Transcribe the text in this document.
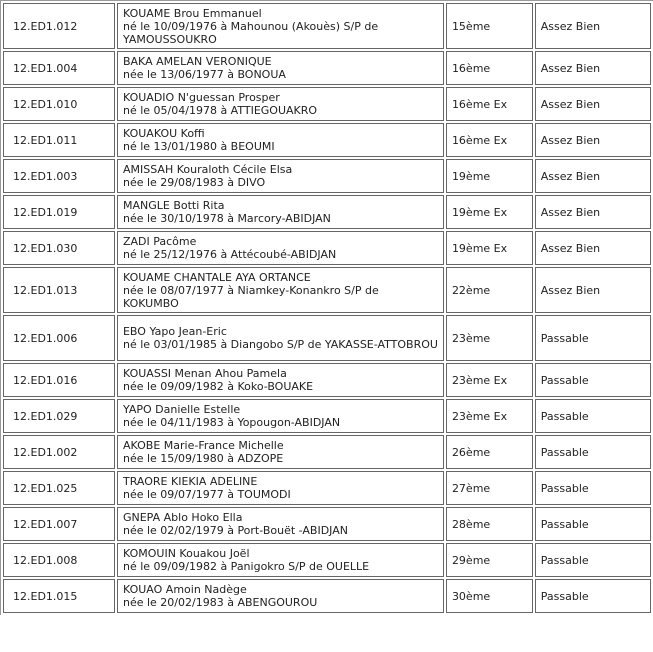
12.ED1.012	KOUAME Brou Emmanuel
né le 10/09/1976 à Mahounou (Akouès) S/P de YAMOUSSOUKRO	15ème	Assez Bien
12.ED1.004	BAKA AMELAN VERONIQUE
née le 13/06/1977 à BONOUA	16ème	Assez Bien
12.ED1.010	KOUADIO N'guessan Prosper
né le 05/04/1978 à ATTIEGOUAKRO	16ème Ex	Assez Bien
12.ED1.011	KOUAKOU Koffi
né le 13/01/1980 à BEOUMI	16ème Ex	Assez Bien
12.ED1.003	AMISSAH Kouraloth Cécile Elsa
née le 29/08/1983 à DIVO	19ème	Assez Bien
12.ED1.019	MANGLE Botti Rita
née le 30/10/1978 à Marcory-ABIDJAN	19ème Ex	Assez Bien
12.ED1.030	ZADI Pacôme
né le 25/12/1976 à Attécoubé-ABIDJAN	19ème Ex	Assez Bien
12.ED1.013	KOUAME CHANTALE AYA ORTANCE
née le 08/07/1977 à Niamkey-Konankro S/P de KOKUMBO	22ème	Assez Bien
12.ED1.006	EBO Yapo Jean-Eric
né le 03/01/1985 à Diangobo S/P de YAKASSE-ATTOBROU	23ème	Passable
12.ED1.016	KOUASSI Menan Ahou Pamela
née le 09/09/1982 à Koko-BOUAKE	23ème Ex	Passable
12.ED1.029	YAPO Danielle Estelle
née le 04/11/1983 à Yopougon-ABIDJAN	23ème Ex	Passable
12.ED1.002	AKOBE Marie-France Michelle
née le 15/09/1980 à ADZOPE	26ème	Passable
12.ED1.025	TRAORE KIEKIA ADELINE
née le 09/07/1977 à TOUMODI	27ème	Passable
12.ED1.007	GNEPA Ablo Hoko Ella
née le 02/02/1979 à Port-Bouët -ABIDJAN	28ème	Passable
12.ED1.008	KOMOUIN Kouakou Joël
né le 09/09/1982 à Panigokro S/P de OUELLE	29ème	Passable
12.ED1.015	KOUAO Amoin Nadège
née le 20/02/1983 à ABENGOUROU	30ème	Passable
